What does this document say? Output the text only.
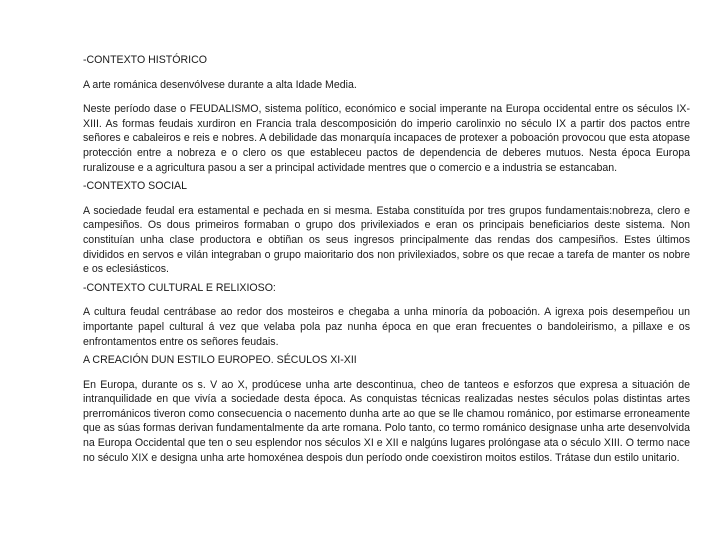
-CONTEXTO HISTÓRICO

A arte románica desenvólvese durante a alta Idade Media.

Neste período dase o FEUDALISMO, sistema político, económico e social imperante na Europa occidental entre os séculos IX-XIII. As formas feudais xurdiron en Francia trala descomposición do imperio carolinxio no século IX a partir dos pactos entre señores e cabaleiros e reis e nobres. A debilidade das monarquía incapaces de protexer a poboación provocou que esta atopase protección entre a nobreza e o clero os que estableceu pactos de dependencia de deberes mutuos. Nesta época Europa ruralizouse e a agricultura pasou a ser a principal actividade mentres que o comercio e a industria se estancaban.

-CONTEXTO SOCIAL

A sociedade feudal era estamental e pechada en si mesma. Estaba constituída por tres grupos fundamentais:nobreza, clero e campesiños. Os dous primeiros formaban o grupo dos privilexiados e eran os principais beneficiarios deste sistema. Non constituían unha clase productora e obtiñan os seus ingresos principalmente das rendas dos campesiños. Estes últimos divididos en servos e vilán integraban o grupo maioritario dos non privilexiados, sobre os que recae a tarefa de manter os nobre e os eclesiásticos.

-CONTEXTO CULTURAL E RELIXIOSO:

A cultura feudal centrábase ao redor dos mosteiros e chegaba a unha minoría da poboación. A igrexa pois desempeñou un importante papel cultural á vez que velaba pola paz nunha época en que eran frecuentes o bandoleirismo, a pillaxe e os enfrontamentos entre os señores feudais.

A CREACIÓN DUN ESTILO EUROPEO. SÉCULOS XI-XII

En Europa, durante os s. V ao X, prodúcese unha arte descontinua, cheo de tanteos e esforzos que expresa a situación de intranquilidade en que vivía a sociedade desta época. As conquistas técnicas realizadas nestes séculos polas distintas artes prerrománicos tiveron como consecuencia o nacemento dunha arte ao que se lle chamou románico, por estimarse erroneamente que as súas formas derivan fundamentalmente da arte romana. Polo tanto, co termo románico designase unha arte desenvolvida na Europa Occidental que ten o seu esplendor nos séculos XI e XII e nalgúns lugares prolóngase ata o século XIII. O termo nace no século XIX e designa unha arte homoxénea despois dun período onde coexistiron moitos estilos. Trátase dun estilo unitario.
